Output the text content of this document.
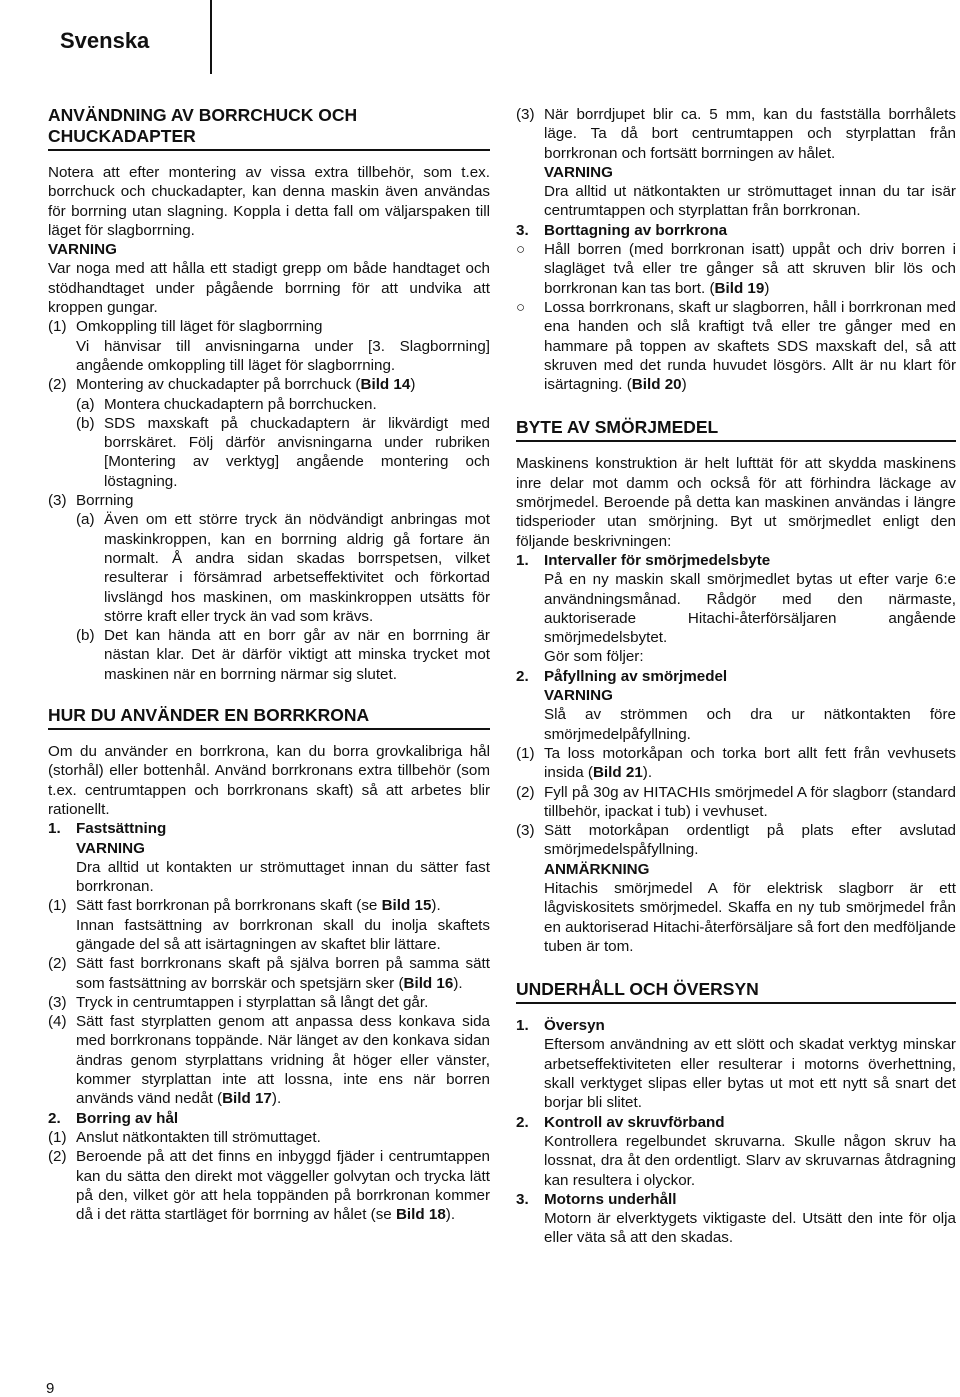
Svenska
ANVÄNDNING AV BORRCHUCK OCH CHUCKADAPTER
Notera att efter montering av vissa extra tillbehör, som t.ex. borrchuck och chuckadapter, kan denna maskin även användas för borrning utan slagning. Koppla i detta fall om väljarspaken till läget för slagborrning.
VARNING
Var noga med att hålla ett stadigt grepp om både handtaget och stödhandtaget under pågående borrning för att undvika att kroppen gungar.
(1) Omkoppling till läget för slagborrning
Vi hänvisar till anvisningarna under [3. Slagborrning] angående omkoppling till läget för slagborrning.
(2) Montering av chuckadapter på borrchuck (Bild 14)
(a) Montera chuckadaptern på borrchucken.
(b) SDS maxskaft på chuckadaptern är likvärdigt med borrskäret. Följ därför anvisningarna under rubriken [Montering av verktyg] angående montering och löstagning.
(3) Borrning
(a) Även om ett större tryck än nödvändigt anbringas mot maskinkroppen, kan en borrning aldrig gå fortare än normalt. Å andra sidan skadas borrspetsen, vilket resulterar i försämrad arbetseffektivitet och förkortad livslängd hos maskinen, om maskinkroppen utsätts för större kraft eller tryck än vad som krävs.
(b) Det kan hända att en borr går av när en borrning är nästan klar. Det är därför viktigt att minska trycket mot maskinen när en borrning närmar sig slutet.
HUR DU ANVÄNDER EN BORRKRONA
Om du använder en borrkrona, kan du borra grovkalibriga hål (storhål) eller bottenhål. Använd borrkronans extra tillbehör (som t.ex. centrumtappen och borrkronans skaft) så att arbetes blir rationellt.
1.	Fastsättning
VARNING
Dra alltid ut kontakten ur strömuttaget innan du sätter fast borrkronan.
(1) Sätt fast borrkronan på borrkronans skaft (se Bild 15).
Innan fastsättning av borrkronan skall du inolja skaftets gängade del så att isärtagningen av skaftet blir lättare.
(2) Sätt fast borrkronans skaft på själva borren på samma sätt som fastsättning av borrskär och spetsjärn sker (Bild 16).
(3) Tryck in centrumtappen i styrplattan så långt det går.
(4) Sätt fast styrplatten genom att anpassa dess konkava sida med borrkronans toppände. När länget av den konkava sidan ändras genom styrplattans vridning åt höger eller vänster, kommer styrplattan inte att lossna, inte ens när borren används vänd nedåt (Bild 17).
2.	Borring av hål
(1) Anslut nätkontakten till strömuttaget.
(2) Beroende på att det finns en inbyggd fjäder i centrumtappen kan du sätta den direkt mot väggeller golvytan och trycka lätt på den, vilket gör att hela toppänden på borrkronan kommer då i det rätta startläget för borrning av hålet (se Bild 18).
(3) När borrdjupet blir ca. 5 mm, kan du fastställa borrhålets läge. Ta då bort centrumtappen och styrplattan från borrkronan och fortsätt borrningen av hålet.
VARNING
Dra alltid ut nätkontakten ur strömuttaget innan du tar isär centrumtappen och styrplattan från borrkronan.
3.	Borttagning av borrkrona
○	Håll borren (med borrkronan isatt) uppåt och driv borren i slagläget två eller tre gånger så att skruven blir lös och borrkronan kan tas bort. (Bild 19)
○	Lossa borrkronans, skaft ur slagborren, håll i borrkronan med ena handen och slå kraftigt två eller tre gånger med en hammare på toppen av skaftets SDS maxskaft del, så att skruven med det runda huvudet lösgörs. Allt är nu klart för isärtagning. (Bild 20)
BYTE AV SMÖRJMEDEL
Maskinens konstruktion är helt lufttät för att skydda maskinens inre delar mot damm och också för att förhindra läckage av smörjmedel. Beroende på detta kan maskinen användas i längre tidsperioder utan smörjning. Byt ut smörjmedlet enligt den följande beskrivningen:
1.	Intervaller för smörjmedelsbyte
På en ny maskin skall smörjmedlet bytas ut efter varje 6:e användningsmånad. Rådgör med den närmaste, auktoriserade Hitachi-återförsäljaren angående smörjmedelsbytet.
Gör som följer:
2.	Påfyllning av smörjmedel
VARNING
Slå av strömmen och dra ur nätkontakten före smörjmedelpåfyllning.
(1) Ta loss motorkåpan och torka bort allt fett från vevhusets insida (Bild 21).
(2) Fyll på 30g av HITACHIs smörjmedel A för slagborr (standard tillbehör, ipackat i tub) i vevhuset.
(3) Sätt motorkåpan ordentligt på plats efter avslutad smörjmedelspåfyllning.
ANMÄRKNING
Hitachis smörjmedel A för elektrisk slagborr är ett lågviskositets smörjmedel. Skaffa en ny tub smörjmedel från en auktoriserad Hitachi-återförsäljare så fort den medföljande tuben är tom.
UNDERHÅLL OCH ÖVERSYN
1.	Översyn
Eftersom användning av ett slött och skadat verktyg minskar arbetseffektiviteten eller resulterar i motorns överhettning, skall verktyget slipas eller bytas ut mot ett nytt så snart det borjar bli slitet.
2.	Kontroll av skruvförband
Kontrollera regelbundet skruvarna. Skulle någon skruv ha lossnat, dra åt den ordentligt. Slarv av skruvarnas åtdragning kan resultera i olyckor.
3.	Motorns underhåll
Motorn är elverktygets viktigaste del. Utsätt den inte för olja eller väta så att den skadas.
9
